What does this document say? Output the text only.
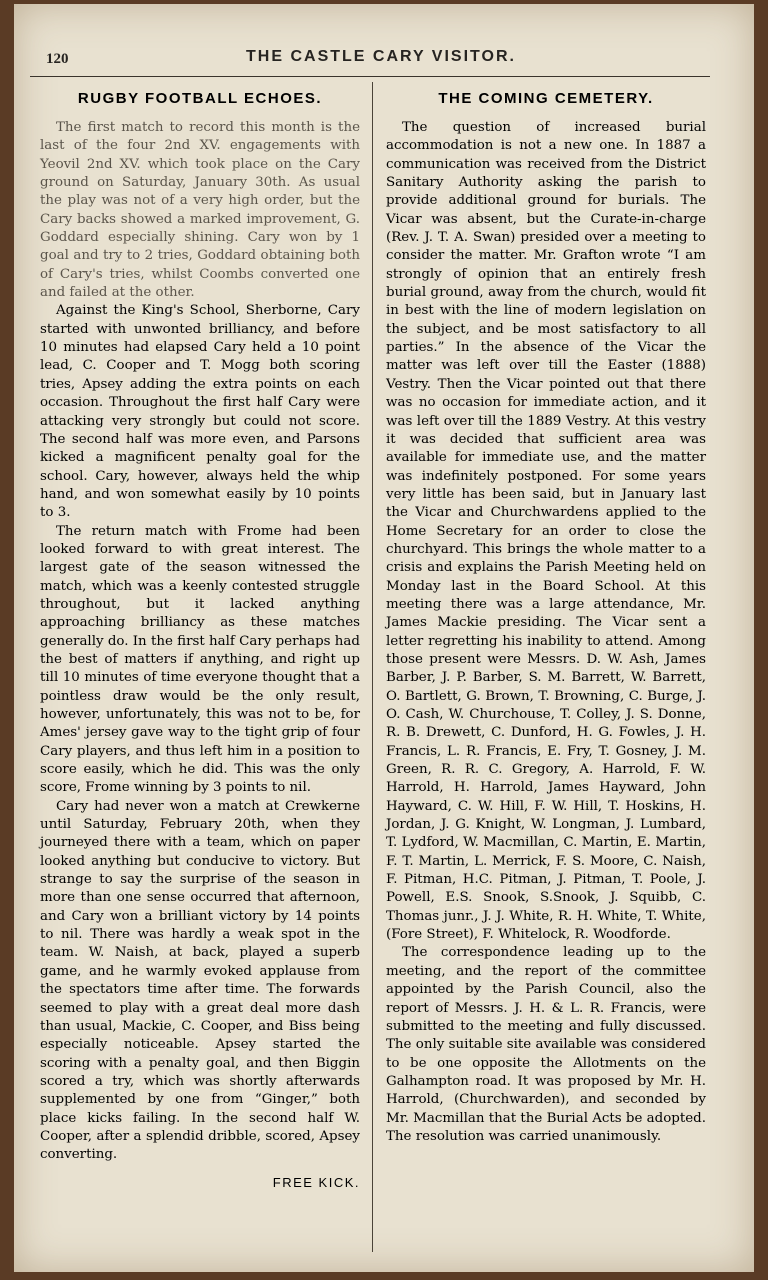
120	THE CASTLE CARY VISITOR.
RUGBY FOOTBALL ECHOES.

The first match to record this month is the last of the four 2nd XV. engagements with Yeovil 2nd XV. which took place on the Cary ground on Saturday, January 30th. As usual the play was not of a very high order, but the Cary backs showed a marked improvement, G. Goddard especially shining. Cary won by 1 goal and try to 2 tries, Goddard obtaining both of Cary's tries, whilst Coombs converted one and failed at the other.

Against the King's School, Sherborne, Cary started with unwonted brilliancy, and before 10 minutes had elapsed Cary held a 10 point lead, C. Cooper and T. Mogg both scoring tries, Apsey adding the extra points on each occasion. Throughout the first half Cary were attacking very strongly but could not score. The second half was more even, and Parsons kicked a magnificent penalty goal for the school. Cary, however, always held the whip hand, and won somewhat easily by 10 points to 3.

The return match with Frome had been looked forward to with great interest. The largest gate of the season witnessed the match, which was a keenly contested struggle throughout, but it lacked anything approaching brilliancy as these matches generally do. In the first half Cary perhaps had the best of matters if anything, and right up till 10 minutes of time everyone thought that a pointless draw would be the only result, however, unfortunately, this was not to be, for Ames' jersey gave way to the tight grip of four Cary players, and thus left him in a position to score easily, which he did. This was the only score, Frome winning by 3 points to nil.

Cary had never won a match at Crewkerne until Saturday, February 20th, when they journeyed there with a team, which on paper looked anything but conducive to victory. But strange to say the surprise of the season in more than one sense occurred that afternoon, and Cary won a brilliant victory by 14 points to nil. There was hardly a weak spot in the team. W. Naish, at back, played a superb game, and he warmly evoked applause from the spectators time after time. The forwards seemed to play with a great deal more dash than usual, Mackie, C. Cooper, and Biss being especially noticeable. Apsey started the scoring with a penalty goal, and then Biggin scored a try, which was shortly afterwards supplemented by one from “Ginger,” both place kicks failing. In the second half W. Cooper, after a splendid dribble, scored, Apsey converting.

FREE KICK.
THE COMING CEMETERY.

The question of increased burial accommodation is not a new one. In 1887 a communication was received from the District Sanitary Authority asking the parish to provide additional ground for burials. The Vicar was absent, but the Curate-in-charge (Rev. J. T. A. Swan) presided over a meeting to consider the matter. Mr. Grafton wrote “I am strongly of opinion that an entirely fresh burial ground, away from the church, would fit in best with the line of modern legislation on the subject, and be most satisfactory to all parties.” In the absence of the Vicar the matter was left over till the Easter (1888) Vestry. Then the Vicar pointed out that there was no occasion for immediate action, and it was left over till the 1889 Vestry. At this vestry it was decided that sufficient area was available for immediate use, and the matter was indefinitely postponed. For some years very little has been said, but in January last the Vicar and Churchwardens applied to the Home Secretary for an order to close the churchyard. This brings the whole matter to a crisis and explains the Parish Meeting held on Monday last in the Board School. At this meeting there was a large attendance, Mr. James Mackie presiding. The Vicar sent a letter regretting his inability to attend. Among those present were Messrs. D. W. Ash, James Barber, J. P. Barber, S. M. Barrett, W. Barrett, O. Bartlett, G. Brown, T. Browning, C. Burge, J. O. Cash, W. Churchouse, T. Colley, J. S. Donne, R. B. Drewett, C. Dunford, H. G. Fowles, J. H. Francis, L. R. Francis, E. Fry, T. Gosney, J. M. Green, R. R. C. Gregory, A. Harrold, F. W. Harrold, H. Harrold, James Hayward, John Hayward, C. W. Hill, F. W. Hill, T. Hoskins, H. Jordan, J. G. Knight, W. Longman, J. Lumbard, T. Lydford, W. Macmillan, C. Martin, E. Martin, F. T. Martin, L. Merrick, F. S. Moore, C. Naish, F. Pitman, H.C. Pitman, J. Pitman, T. Poole, J. Powell, E.S. Snook, S.Snook, J. Squibb, C. Thomas junr., J. J. White, R. H. White, T. White, (Fore Street), F. Whitelock, R. Woodforde.

The correspondence leading up to the meeting, and the report of the committee appointed by the Parish Council, also the report of Messrs. J. H. & L. R. Francis, were submitted to the meeting and fully discussed. The only suitable site available was considered to be one opposite the Allotments on the Galhampton road. It was proposed by Mr. H. Harrold, (Churchwarden), and seconded by Mr. Macmillan that the Burial Acts be adopted. The resolution was carried unanimously.
